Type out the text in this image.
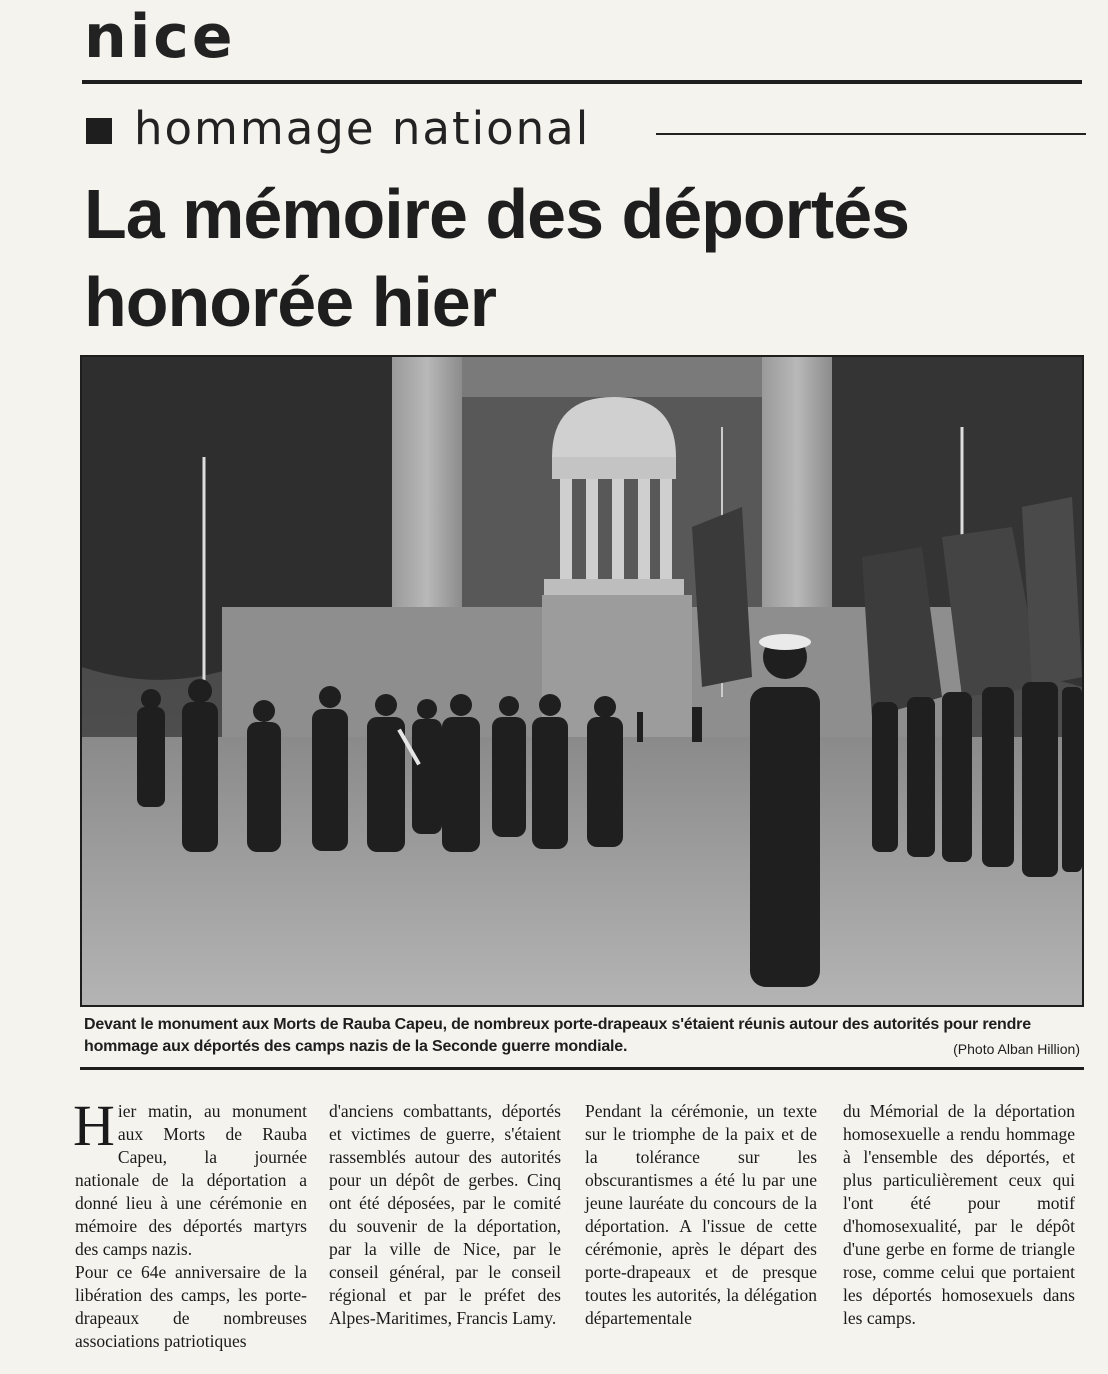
nice
hommage national
La mémoire des déportés honorée hier

Devant le monument aux Morts de Rauba Capeu, de nombreux porte-drapeaux s'étaient réunis autour des autorités pour rendre hommage aux déportés des camps nazis de la Seconde guerre mondiale.	(Photo Alban Hillion)

Hier matin, au monument aux Morts de Rauba Capeu, la journée nationale de la déportation a donné lieu à une cérémonie en mémoire des déportés martyrs des camps nazis.

Pour ce 64e anniversaire de la libération des camps, les porte-drapeaux de nombreuses associations patriotiques

d'anciens combattants, déportés et victimes de guerre, s'étaient rassemblés autour des autorités pour un dépôt de gerbes. Cinq ont été déposées, par le comité du souvenir de la déportation, par la ville de Nice, par le conseil général, par le conseil régional et par le préfet des Alpes-Maritimes, Francis Lamy.

Pendant la cérémonie, un texte sur le triomphe de la paix et de la tolérance sur les obscurantismes a été lu par une jeune lauréate du concours de la déportation. A l'issue de cette cérémonie, après le départ des porte-drapeaux et de presque toutes les autorités, la délégation départementale

du Mémorial de la déportation homosexuelle a rendu hommage à l'ensemble des déportés, et plus particulièrement ceux qui l'ont été pour motif d'homosexualité, par le dépôt d'une gerbe en forme de triangle rose, comme celui que portaient les déportés homosexuels dans les camps.
